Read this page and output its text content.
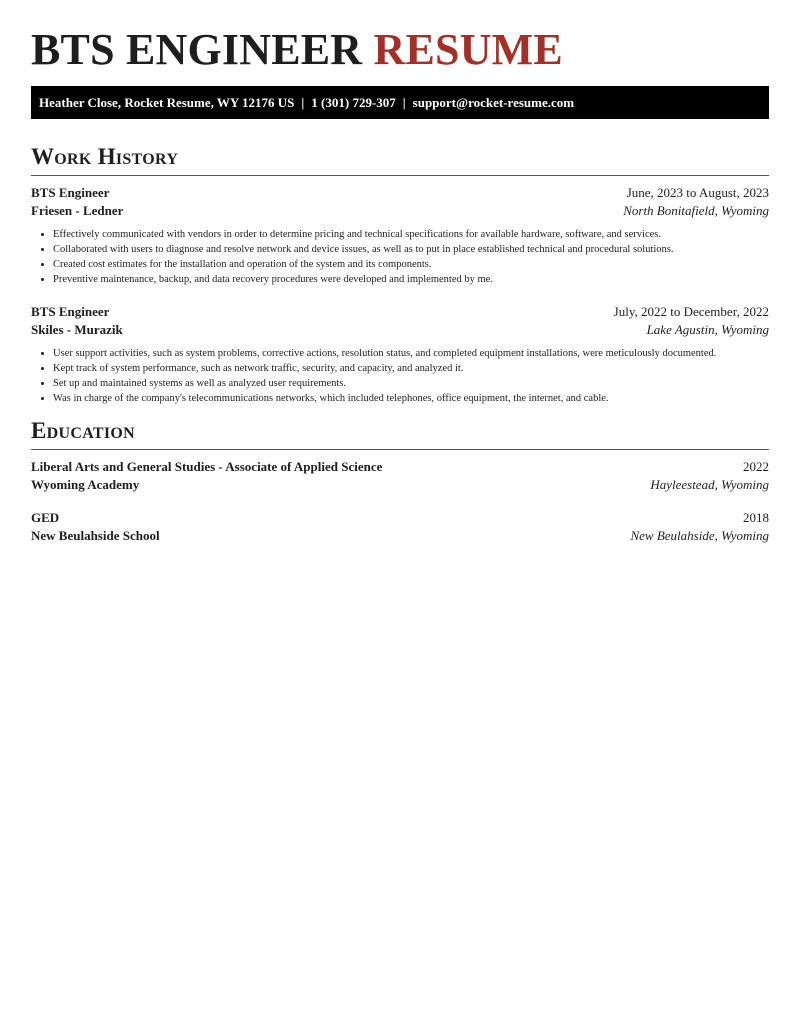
BTS ENGINEER RESUME
Heather Close, Rocket Resume, WY 12176 US | 1 (301) 729-307 | support@rocket-resume.com
Work History
BTS Engineer	June, 2023 to August, 2023
Friesen - Ledner	North Bonitafield, Wyoming
• Effectively communicated with vendors in order to determine pricing and technical specifications for available hardware, software, and services.
• Collaborated with users to diagnose and resolve network and device issues, as well as to put in place established technical and procedural solutions.
• Created cost estimates for the installation and operation of the system and its components.
• Preventive maintenance, backup, and data recovery procedures were developed and implemented by me.
BTS Engineer	July, 2022 to December, 2022
Skiles - Murazik	Lake Agustin, Wyoming
• User support activities, such as system problems, corrective actions, resolution status, and completed equipment installations, were meticulously documented.
• Kept track of system performance, such as network traffic, security, and capacity, and analyzed it.
• Set up and maintained systems as well as analyzed user requirements.
• Was in charge of the company's telecommunications networks, which included telephones, office equipment, the internet, and cable.
Education
Liberal Arts and General Studies - Associate of Applied Science	2022
Wyoming Academy	Hayleestead, Wyoming
GED	2018
New Beulahside School	New Beulahside, Wyoming
